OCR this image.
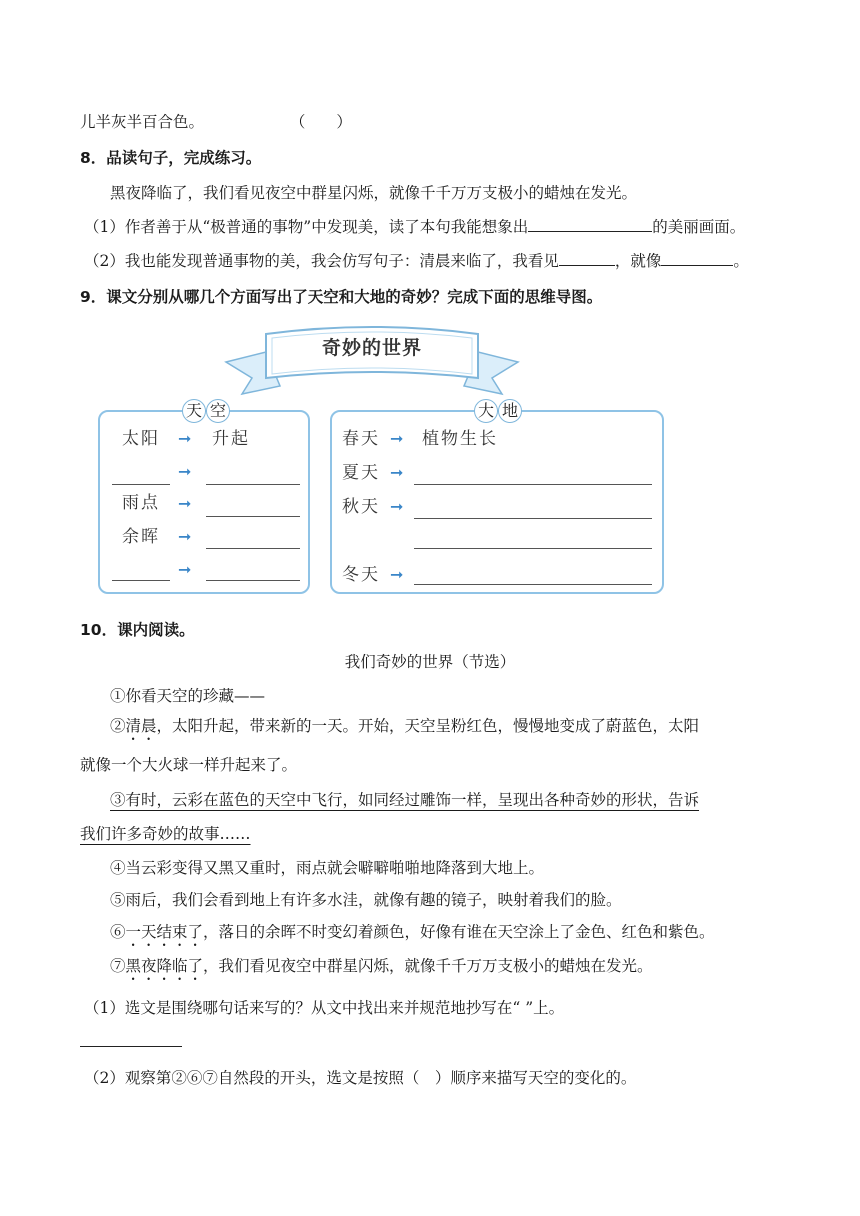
儿半灰半百合色。	（　　）
8．品读句子，完成练习。
黑夜降临了，我们看见夜空中群星闪烁，就像千千万万支极小的蜡烛在发光。
（1）作者善于从“极普通的事物”中发现美，读了本句我能想象出	的美丽画面。
（2）我也能发现普通事物的美，我会仿写句子：清晨来临了，我看见	，就像	。
9．课文分别从哪几个方面写出了天空和大地的奇妙？完成下面的思维导图。
奇妙的世界
天 空
太阳 ➞ 升起
➞
雨点 ➞
余晖 ➞
➞
大 地
春天 ➞ 植物生长
夏天 ➞
秋天 ➞
冬天 ➞
10．课内阅读。
我们奇妙的世界（节选）
①你看天空的珍藏——
②清晨，太阳升起，带来新的一天。开始，天空呈粉红色，慢慢地变成了蔚蓝色，太阳
就像一个大火球一样升起来了。
③有时，云彩在蓝色的天空中飞行，如同经过雕饰一样，呈现出各种奇妙的形状，告诉
我们许多奇妙的故事……
④当云彩变得又黑又重时，雨点就会噼噼啪啪地降落到大地上。
⑤雨后，我们会看到地上有许多水洼，就像有趣的镜子，映射着我们的脸。
⑥一天结束了，落日的余晖不时变幻着颜色，好像有谁在天空涂上了金色、红色和紫色。
⑦黑夜降临了，我们看见夜空中群星闪烁，就像千千万万支极小的蜡烛在发光。
（1）选文是围绕哪句话来写的？从文中找出来并规范地抄写在“ ”上。
（2）观察第②⑥⑦自然段的开头，选文是按照（　）顺序来描写天空的变化的。
